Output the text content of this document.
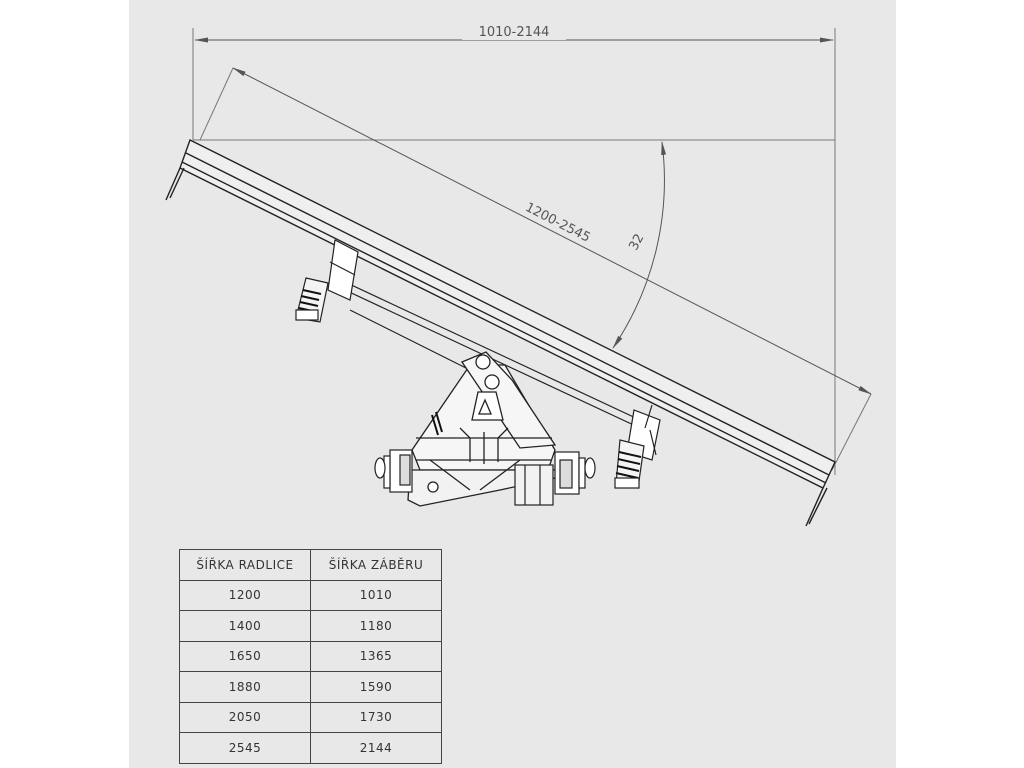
1010-2144
1200-2545	32
ŠÍŘKA RADLICE	ŠÍŘKA ZÁBĚRU
1200	1010
1400	1180
1650	1365
1880	1590
2050	1730
2545	2144
